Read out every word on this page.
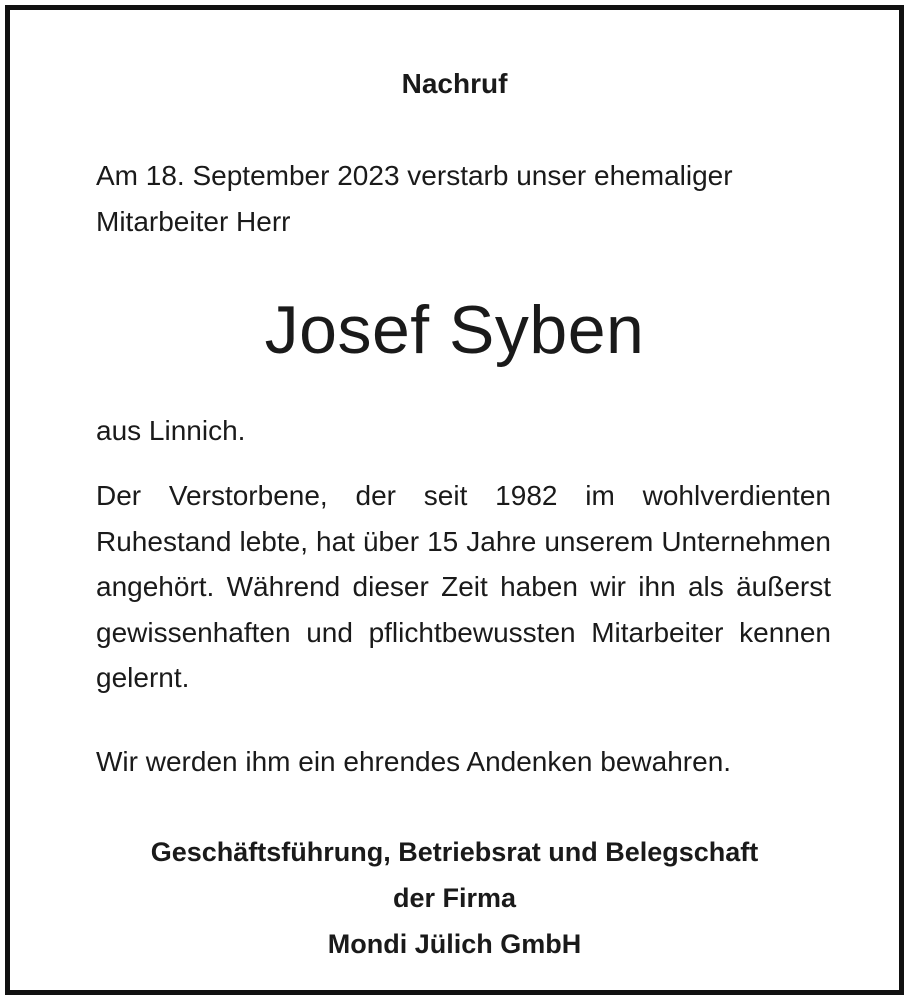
Nachruf
Am 18. September 2023 verstarb unser ehemaliger Mitarbeiter Herr
Josef Syben
aus Linnich.
Der Verstorbene, der seit 1982 im wohlverdienten Ruhestand lebte, hat über 15 Jahre unserem Unternehmen angehört. Während dieser Zeit haben wir ihn als äußerst gewissenhaften und pflichtbewussten Mitarbeiter kennen gelernt.
Wir werden ihm ein ehrendes Andenken bewahren.
Geschäftsführung, Betriebsrat und Belegschaft
der Firma
Mondi Jülich GmbH
